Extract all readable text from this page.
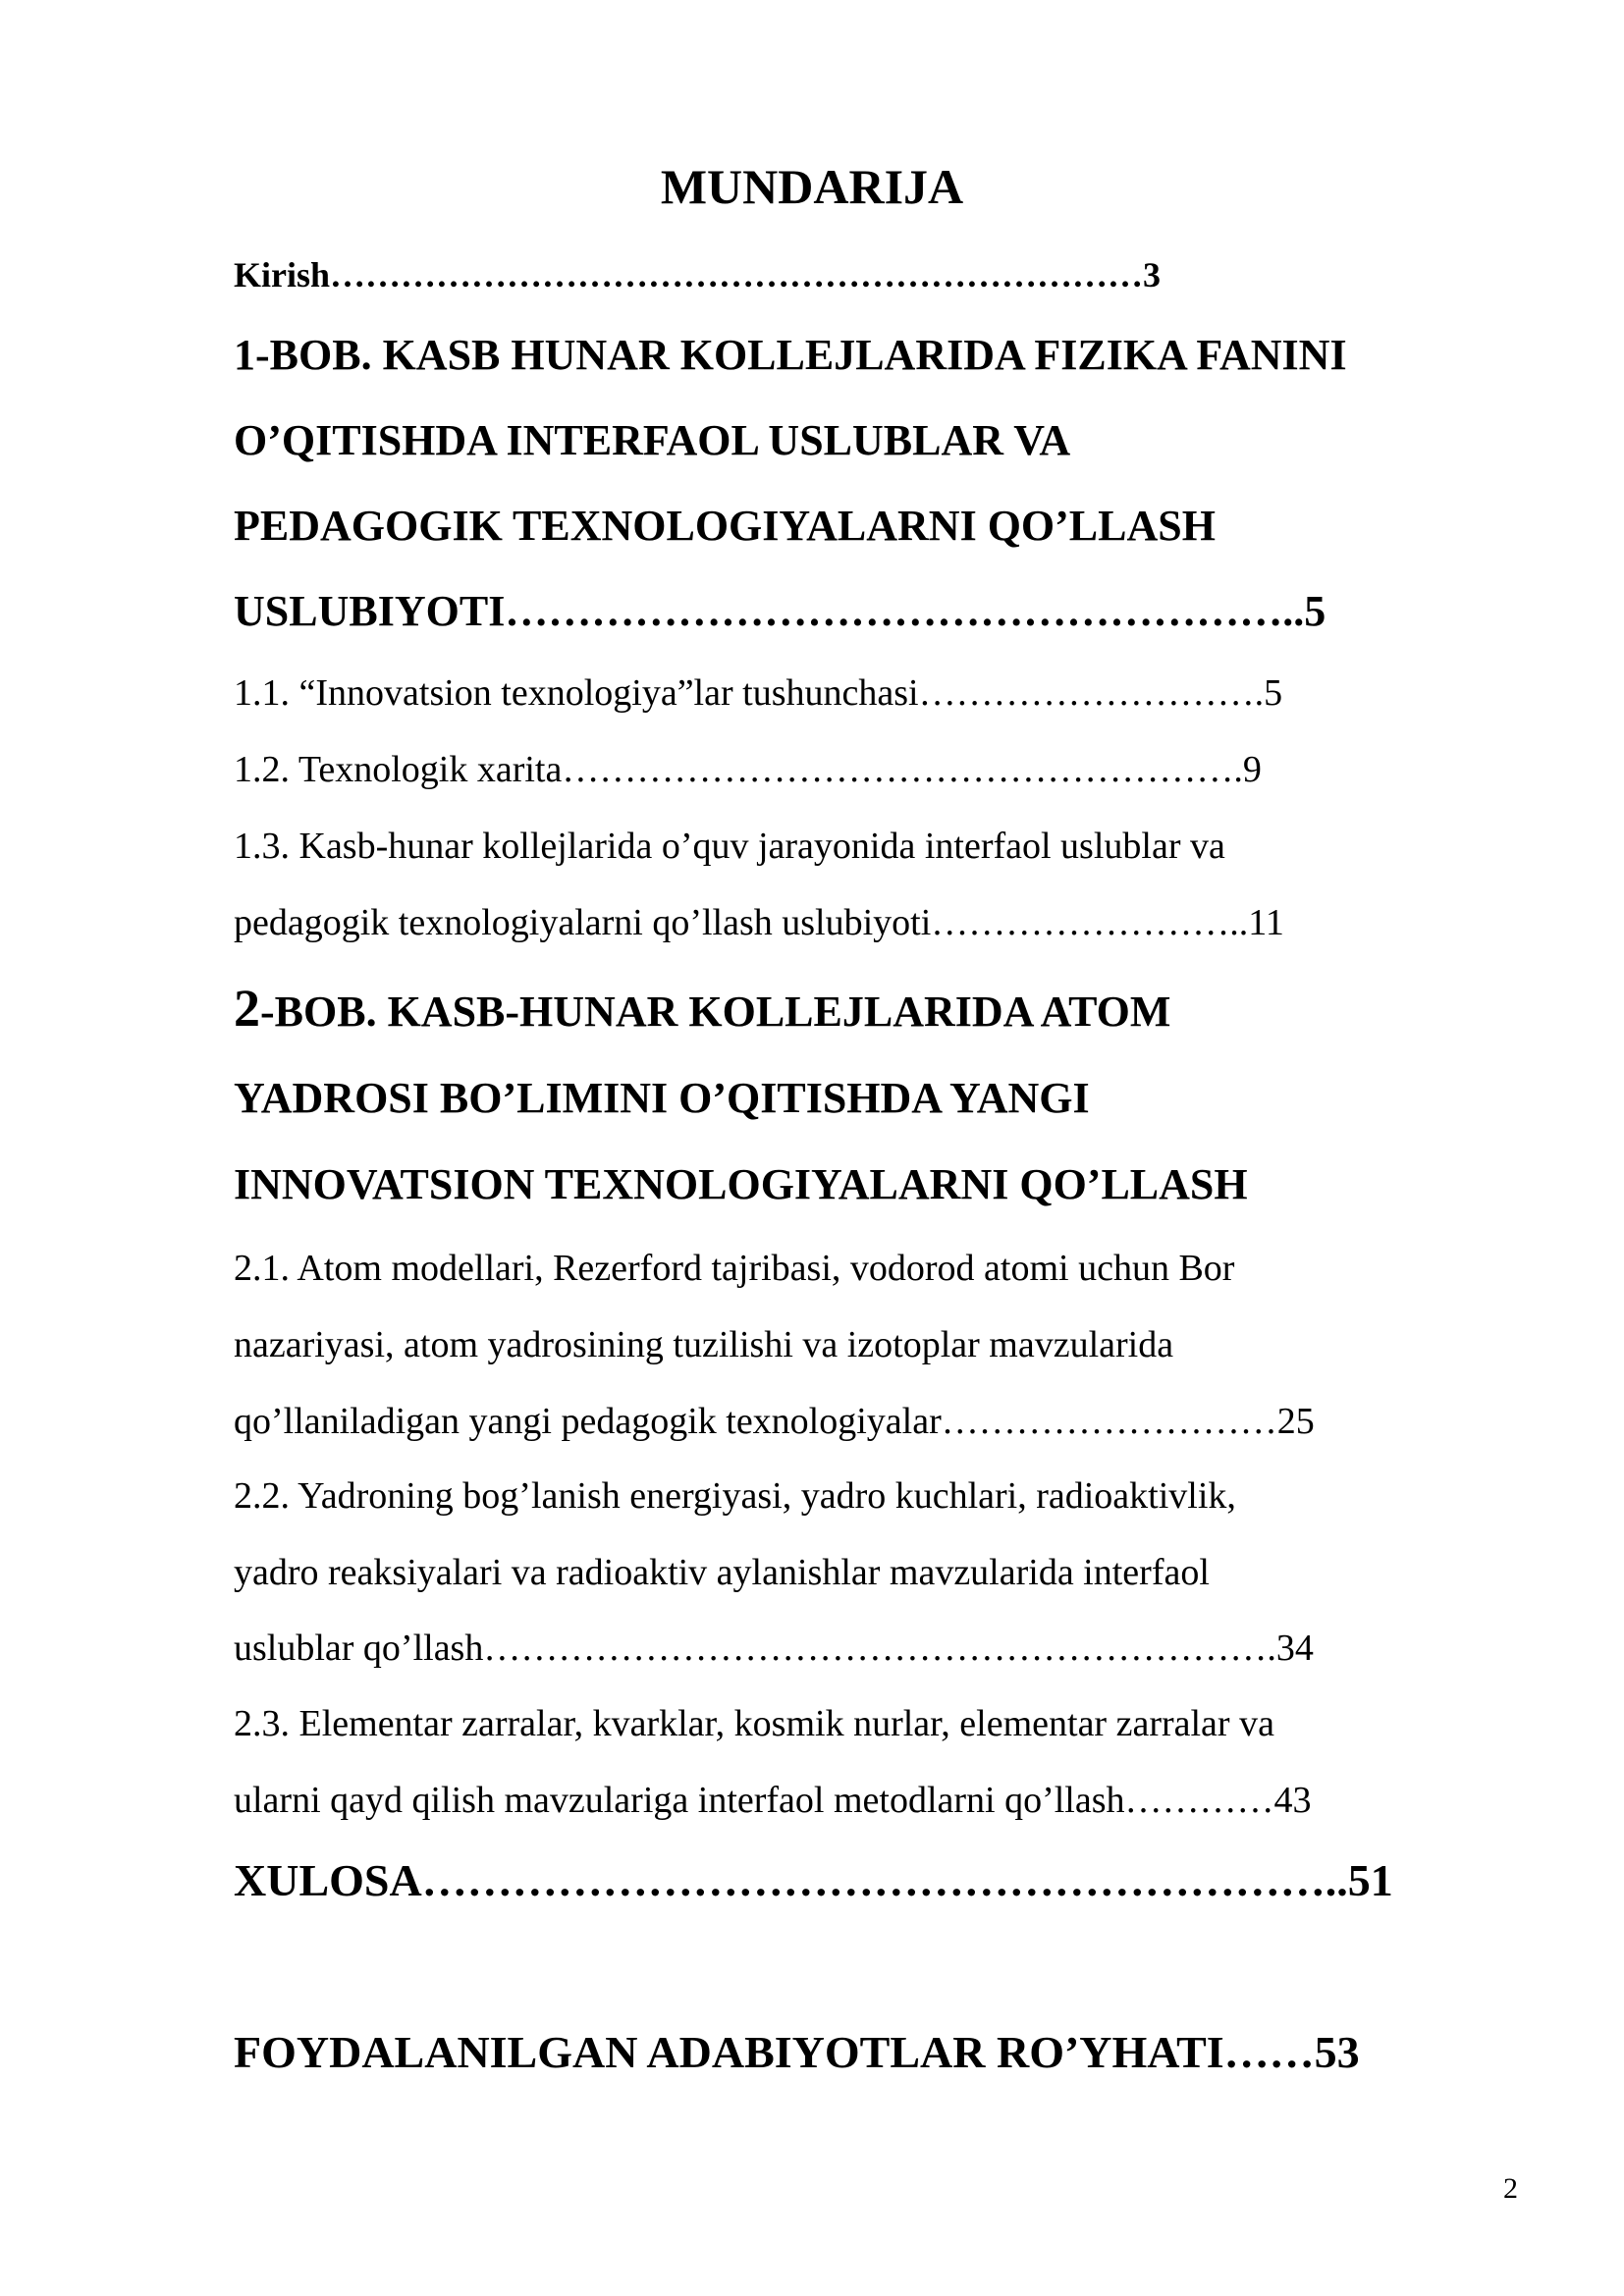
MUNDARIJA

Kirish……………………………………………………………3

1-BOB. KASB HUNAR KOLLEJLARIDA FIZIKA FANINI

O’QITISHDA INTERFAOL USLUBLAR VA

PEDAGOGIK TEXNOLOGIYALARNI QO’LLASH

USLUBIYOTI………………………………………………..5

1.1. “Innovatsion texnologiya”lar tushunchasi……………………….5

1.2. Texnologik xarita……………………………………………….9

1.3. Kasb-hunar kollejlarida o’quv jarayonida interfaol uslublar va

pedagogik texnologiyalarni qo’llash uslubiyoti……………………..11

2-BOB. KASB-HUNAR KOLLEJLARIDA ATOM

YADROSI BO’LIMINI O’QITISHDA YANGI

INNOVATSION TEXNOLOGIYALARNI QO’LLASH

2.1. Atom modellari, Rezerford tajribasi, vodorod atomi uchun Bor

nazariyasi, atom yadrosining tuzilishi va izotoplar mavzularida

qo’llaniladigan yangi pedagogik texnologiyalar………………………25

2.2. Yadroning bog’lanish energiyasi, yadro kuchlari, radioaktivlik,

yadro reaksiyalari va radioaktiv aylanishlar mavzularida interfaol

uslublar qo’llash……………………………………………………….34

2.3. Elementar zarralar, kvarklar, kosmik nurlar, elementar zarralar va

ularni qayd qilish mavzulariga interfaol metodlarni qo’llash…………43

XULOSA……………………………………………………..51

FOYDALANILGAN ADABIYOTLAR RO’YHATI……53

2
